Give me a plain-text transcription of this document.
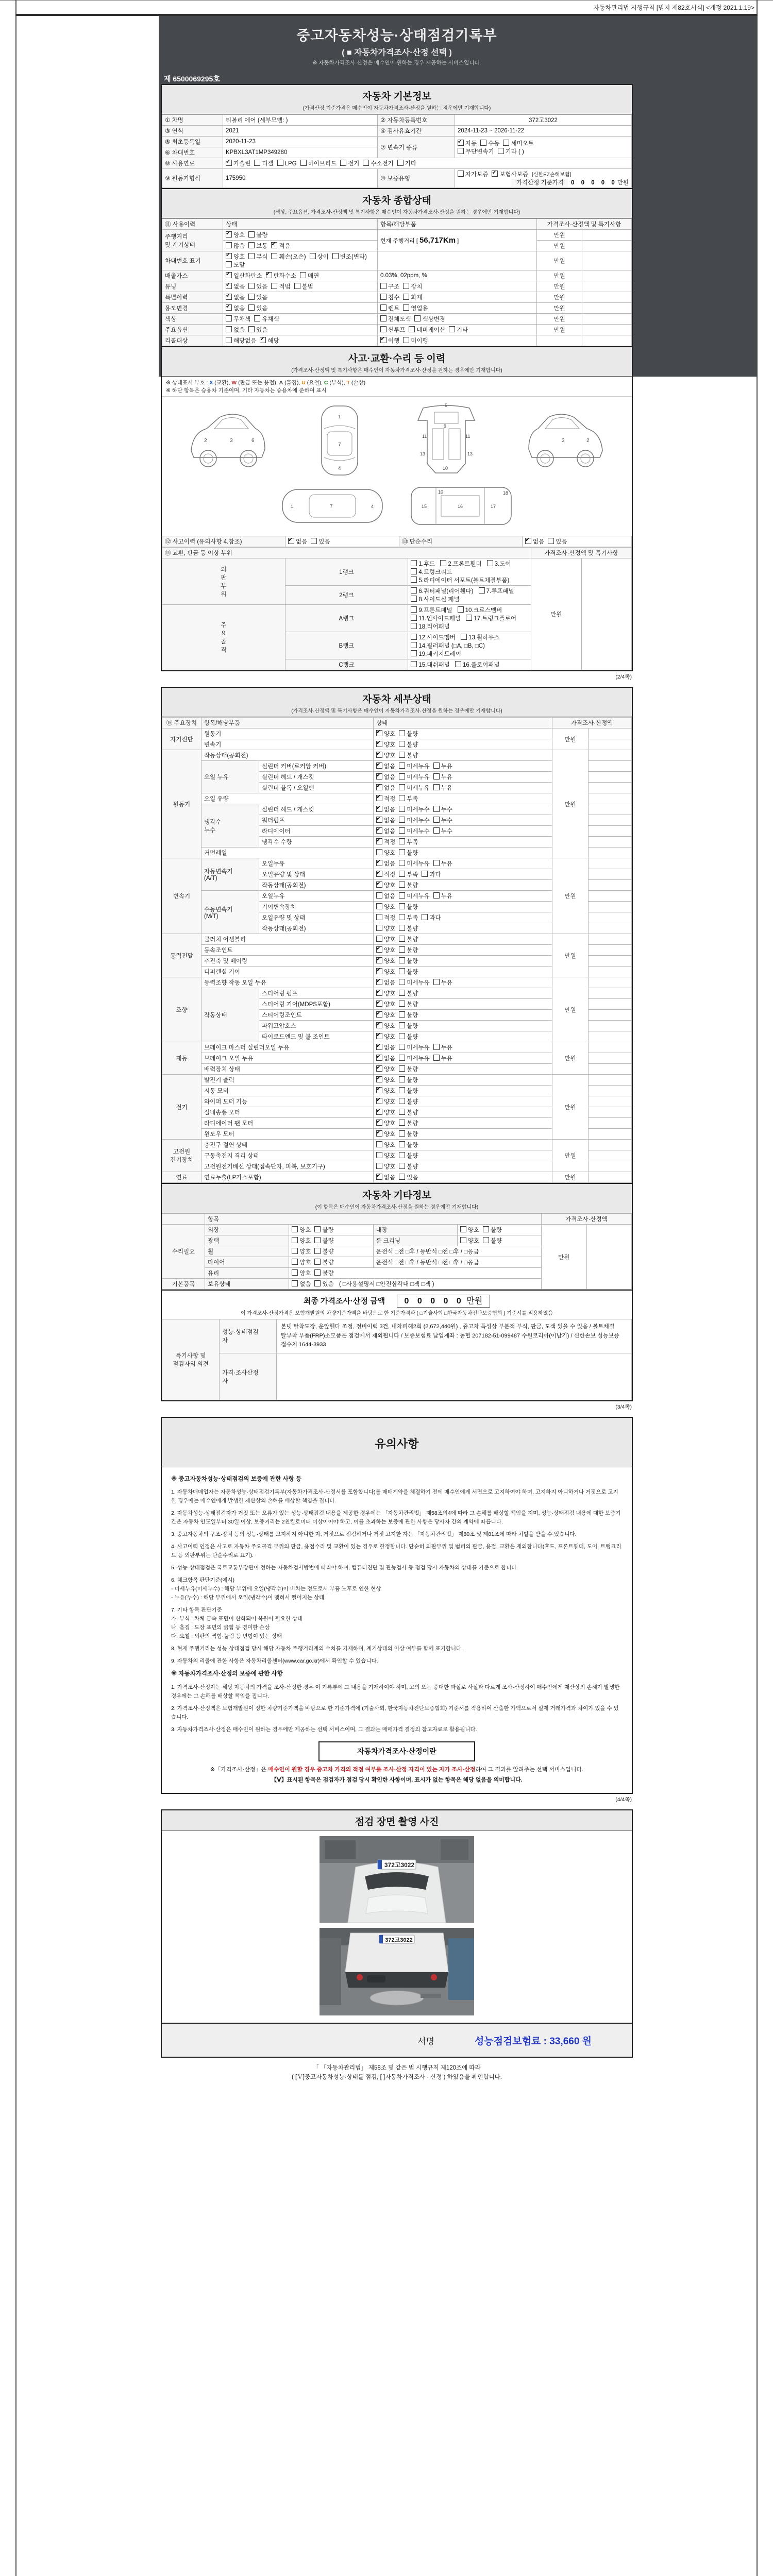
자동차관리법 시행규칙 [별지 제82호서식] <개정 2021.1.19>
중고자동차성능·상태점검기록부
( ■ 자동차가격조사·산정 선택 )
※ 자동차가격조사·산정은 매수인이 원하는 경우 제공하는 서비스입니다.
제 6500069295호
자동차 기본정보
(가격산정 기준가격은 매수인이 자동차가격조사·산정을 원하는 경우에만 기재합니다)
① 차명	티볼리 에어 (세부모델: )	② 자동차등록번호	372고3022
③ 연식	2021	④ 검사유효기간	2024-11-23 ~ 2026-11-22
⑤ 최초등록일	2020-11-23	⑦ 변속기 종류	✔자동 수동 세미오토
무단변속기 기타 ( )
⑥ 차대번호	KPBXL3AT1MP349280		
⑧ 사용연료	✔가솔린 디젤 LPG 하이브리드 전기 수소전기 기타
⑨ 원동기형식	175950	⑩ 보증유형	자가보증 ✔ 보험사보증 [신한EZ손해보험]
가격산정 기준가격 0 0 0 0 0만원
자동차 종합상태
(색상, 주요옵션, 가격조사·산정액 및 특기사항은 매수인이 자동차가격조사·산정을 원하는 경우에만 기재합니다)
⑪ 사용이력	상태	항목/해당부품	가격조사·산정액 및 특기사항	
주행거리
및 계기상태	✔양호 불량	현재 주행거리 [ 56,717Km ]	만원	
	많음 보통 ✔ 적음		만원	
차대번호 표기	✔양호 부식 훼손(오손) 상이 변조(변타)도말		만원	
배출가스	✔일산화탄소 ✔ 탄화수소 매연	0.03%, 02ppm, %	만원	
튜닝	✔없음 있음 적법 불법	구조 장치	만원	
특별이력	✔없음 있음	침수 화재	만원	
용도변경	✔없음 있음	렌트 영업용	만원	
색상	무채색 유채색	전체도색 색상변경	만원	
주요옵션	없음 있음	썬루프 네비게이션 기타	만원	
리콜대상	해당없음 ✔ 해당	✔이행 미이행		
사고·교환·수리 등 이력
(가격조사·산정액 및 특기사항은 매수인이 자동차가격조사·산정을 원하는 경우에만 기재합니다)
※ 상태표시 부호 : X (교환), W (판금 또는 용접), A (흠집), U (요철), C (부식), T (손상)
※ 하단 항목은 승용차 기준이며, 기타 자동차는 승용차에 준하여 표시
2	3	6
1
7
4
5
9
11	11
13	13
10
2
3
7
1	4	15	16	17
18
10
⑫ 사고이력 (유의사항 4.참조)	✔없음 있음	⑬ 단순수리	✔없음 있음
⑭ 교환, 판금 등 이상 부위			가격조사·산정액 및 특기사항	
외
판
부
위	1랭크	1.후드 2.프론트휀더 3.도어 4.트렁크리드 5.라디에이터 서포트(볼트체결부품)	만원	
	2랭크	6.쿼터패널(리어휀다) 7.루프패널 8.사이드실 패널		
주
요
골
격	A랭크	9.프론트패널 10.크로스멤버 11.인사이드패널 17.트렁크플로어 18.리어패널		
	B랭크	12.사이드멤버 13.휠하우스 14.필러패널 (□A, □B, □C) 19.패키지트레이		
	C랭크	15.대쉬패널 16.플로어패널		
(2/4쪽)
자동차 세부상태
(가격조사·산정액 및 특기사항은 매수인이 자동차가격조사·산정을 원하는 경우에만 기재합니다)
⑮ 주요장치	항목/해당부품		상태	가격조사·산정액	
자기진단	원동기	✔양호 불량	만원	
	변속기	✔양호 불량	
원동기	작동상태(공회전)	✔양호 불량	만원	
	오일 누유	실린더 커버(로커암 커버)	✔없음 미세누유 누유	
		실린더 헤드 / 개스킷	✔없음 미세누유 누유	
		실린더 블록 / 오일팬	✔없음 미세누유 누유	
	오일 유량	✔적정 부족	
	냉각수
누수	실린더 헤드 / 개스킷	✔없음 미세누수 누수	
		워터펌프	✔없음 미세누수 누수	
		라디에이터	✔없음 미세누수 누수	
		냉각수 수량	✔적정 부족	
	커먼레일		양호 불량		
변속기	자동변속기
(A/T)	오일누유	✔없음 미세누유 누유	만원	
		오일유량 및 상태	✔적정 부족 과다	
		작동상태(공회전)	✔양호 불량	
	수동변속기
(M/T)	오일누유	없음 미세누유 누유		
		기어변속장치	양호 불량		
		오일유량 및 상태	적정 부족 과다		
		작동상태(공회전)	양호 불량		
동력전달	클러치 어셈블리		양호 불량	만원	
	등속조인트	✔양호 불량	
	추진축 및 베어링	✔양호 불량	
	디퍼렌셜 기어	✔양호 불량	
조향	동력조향 작동 오일 누유	✔없음 미세누유 누유	만원	
	작동상태	스티어링 펌프	✔양호 불량	
		스티어링 기어(MDPS포함)	✔양호 불량	
		스티어링조인트	✔양호 불량	
		파워고압호스	✔양호 불량	
		타이로드엔드 및 볼 조인트	✔양호 불량	
제동	브레이크 마스터 실린더오일 누유	✔없음 미세누유 누유	만원	
	브레이크 오일 누유	✔없음 미세누유 누유	
	배력장치 상태	✔양호 불량	
전기	발전기 출력	✔양호 불량	만원	
	시동 모터	✔양호 불량	
	와이퍼 모터 기능	✔양호 불량	
	실내송풍 모터	✔양호 불량	
	라디에이터 팬 모터	✔양호 불량	
	윈도우 모터	✔양호 불량	
고전원
전기장치	충전구 절연 상태		양호 불량	만원	
	구동축전지 격리 상태		양호 불량		
	고전원전기배선 상태(접속단자, 피복, 보호기구)		양호 불량		
연료	연료누출(LP가스포함)	✔없음 있음	만원	
자동차 기타정보
(이 항목은 매수인이 자동차가격조사·산정을 원하는 경우에만 기재합니다)
	항목				가격조사·산정액	
수리필요	외장	양호 불량	내장	양호 불량	만원	
	광택	양호 불량	룸 크리닝	양호 불량		
	휠	양호 불량	운전석 □전 □후 / 동반석 □전 □후 / □응급			
	타이어	양호 불량	운전석 □전 □후 / 동반석 □전 □후 / □응급			
	유리	양호 불량				
기본품목	보유상태	없음 있음 ( □사용설명서 □안전삼각대 □잭 □잭 )				
최종 가격조사·산정 금액 0 0 0 0 0 만원
이 가격조사·산정가격은 보험개발원의 차량기준가액을 바탕으로 한 기준가격과 ( □기술사회 □한국자동차진단보증협회 ) 기준서를 적용하였음
특기사항 및
점검자의 의견	성능·상태점검
자	본넷 탈착도장, 운앞휀다 조정, 정비이력 3건, 내차피해2회 (2,672,440원) , 중고차 특성상 부분적 부식, 판금, 도색 있을 수 있음 / 볼트체결 탈부착 부품(FRP)소모품은 점검에서 제외됩니다 / 보증보험료 납입계좌 : 농협 207182-51-099487 수원코리아(이남기) / 신한손보 성능보증 접수처 1644-3933
	가격·조사산정
자	
(3/4쪽)
유의사항
※ 중고자동차성능·상태점검의 보증에 관한 사항 등

1. 자동차매매업자는 자동차성능·상태점검기록부(자동차가격조사·산정서를 포함합니다)를 매매계약을 체결하기 전에 매수인에게 서면으로 고지하여야 하며, 고지하지 아니하거나 거짓으로 고지한 경우에는 매수인에게 발생한 재산상의 손해를 배상할 책임을 집니다.

2. 자동차성능·상태점검자가 거짓 또는 오류가 있는 성능·상태점검 내용을 제공한 경우에는 「자동차관리법」 제58조의4에 따라 그 손해를 배상할 책임을 지며, 성능·상태점검 내용에 대한 보증기간은 자동차 인도일부터 30일 이상, 보증거리는 2천킬로미터 이상이어야 하고, 이를 초과하는 보증에 관한 사항은 당사자 간의 계약에 따릅니다.

3. 중고자동차의 구조·장치 등의 성능·상태를 고지하지 아니한 자, 거짓으로 점검하거나 거짓 고지한 자는 「자동차관리법」 제80조 및 제81조에 따라 처벌을 받을 수 있습니다.

4. 사고이력 인정은 사고로 자동차 주요골격 부위의 판금, 용접수리 및 교환이 있는 경우로 한정합니다. 단순히 외판부위 및 범퍼의 판금, 용접, 교환은 제외합니다(후드, 프론트휀더, 도어, 트렁크리드 등 외판부위는 단순수리로 표기).

5. 성능·상태점검은 국토교통부장관이 정하는 자동차검사방법에 따라야 하며, 컴퓨터진단 및 관능검사 등 점검 당시 자동차의 상태를 기준으로 합니다.

6. 체크항목 판단기준(예시)
- 미세누유(미세누수) : 해당 부위에 오일(냉각수)이 비치는 정도로서 부품 노후로 인한 현상
- 누유(누수) : 해당 부위에서 오일(냉각수)이 맺혀서 떨어지는 상태

7. 기타 항목 판단기준
가. 부식 : 차체 금속 표면이 산화되어 복원이 필요한 상태
나. 흠집 : 도장 표면의 긁힘 등 경미한 손상
다. 요철 : 외판의 찍힘·눌림 등 변형이 있는 상태

8. 현재 주행거리는 성능·상태점검 당시 해당 자동차 주행거리계의 수치를 기재하며, 계기상태의 이상 여부를 함께 표기합니다.

9. 자동차의 리콜에 관한 사항은 자동차리콜센터(www.car.go.kr)에서 확인할 수 있습니다.

※ 자동차가격조사·산정의 보증에 관한 사항

1. 가격조사·산정자는 해당 자동차의 가격을 조사·산정한 경우 이 기록부에 그 내용을 기재하여야 하며, 고의 또는 중대한 과실로 사실과 다르게 조사·산정하여 매수인에게 재산상의 손해가 발생한 경우에는 그 손해를 배상할 책임을 집니다.

2. 가격조사·산정액은 보험개발원이 정한 차량기준가액을 바탕으로 한 기준가격에 (기술사회, 한국자동차진단보증협회) 기준서를 적용하여 산출한 가액으로서 실제 거래가격과 차이가 있을 수 있습니다.

3. 자동차가격조사·산정은 매수인이 원하는 경우에만 제공하는 선택 서비스이며, 그 결과는 매매가격 결정의 참고자료로 활용됩니다.

자동차가격조사·산정이란
※「가격조사·산정」은 매수인이 원할 경우 중고차 가격의 적정 여부를 조사·산정 자격이 있는 자가 조사·산정하여 그 결과를 알려주는 선택 서비스입니다.
【Ⅴ】표시된 항목은 점검자가 점검 당시 확인한 사항이며, 표시가 없는 항목은 해당 없음을 의미합니다.
(4/4쪽)
점검 장면 촬영 사진
372고3022
372고3022
서명	성능점검보험료 : 33,660 원
「 「자동차관리법」 제58조 및 같은 법 시행규칙 제120조에 따라
( [Ｖ]중고자동차성능·상태를 점검, [ ]자동차가격조사 · 산정 ) 하였음을 확인합니다.
